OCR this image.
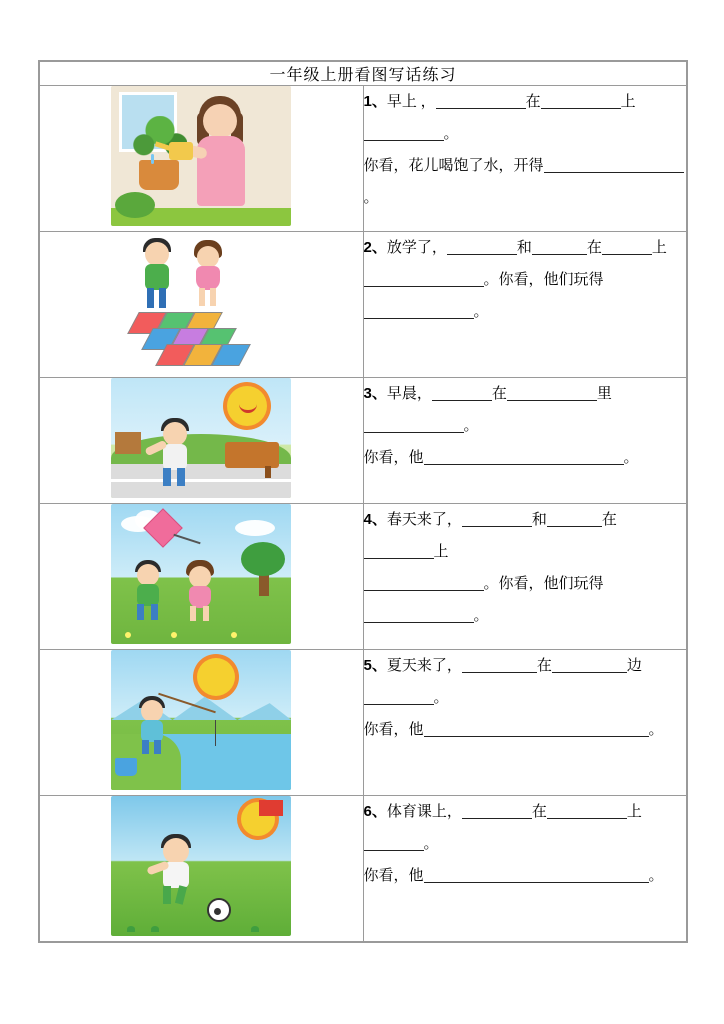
一年级上册看图写话练习	

	1、早上 ， 在 上。
你看，花儿喝饱了水，开得。

	2、放学了， 和 在 上
。你看，他们玩得。

	3、早晨， 在 里。
你看，他 。

	4、春天来了， 和 在上
。你看，他们玩得。

	5、夏天来了， 在 边。
你看，他 。

	6、体育课上， 在 上。
你看，他 。
